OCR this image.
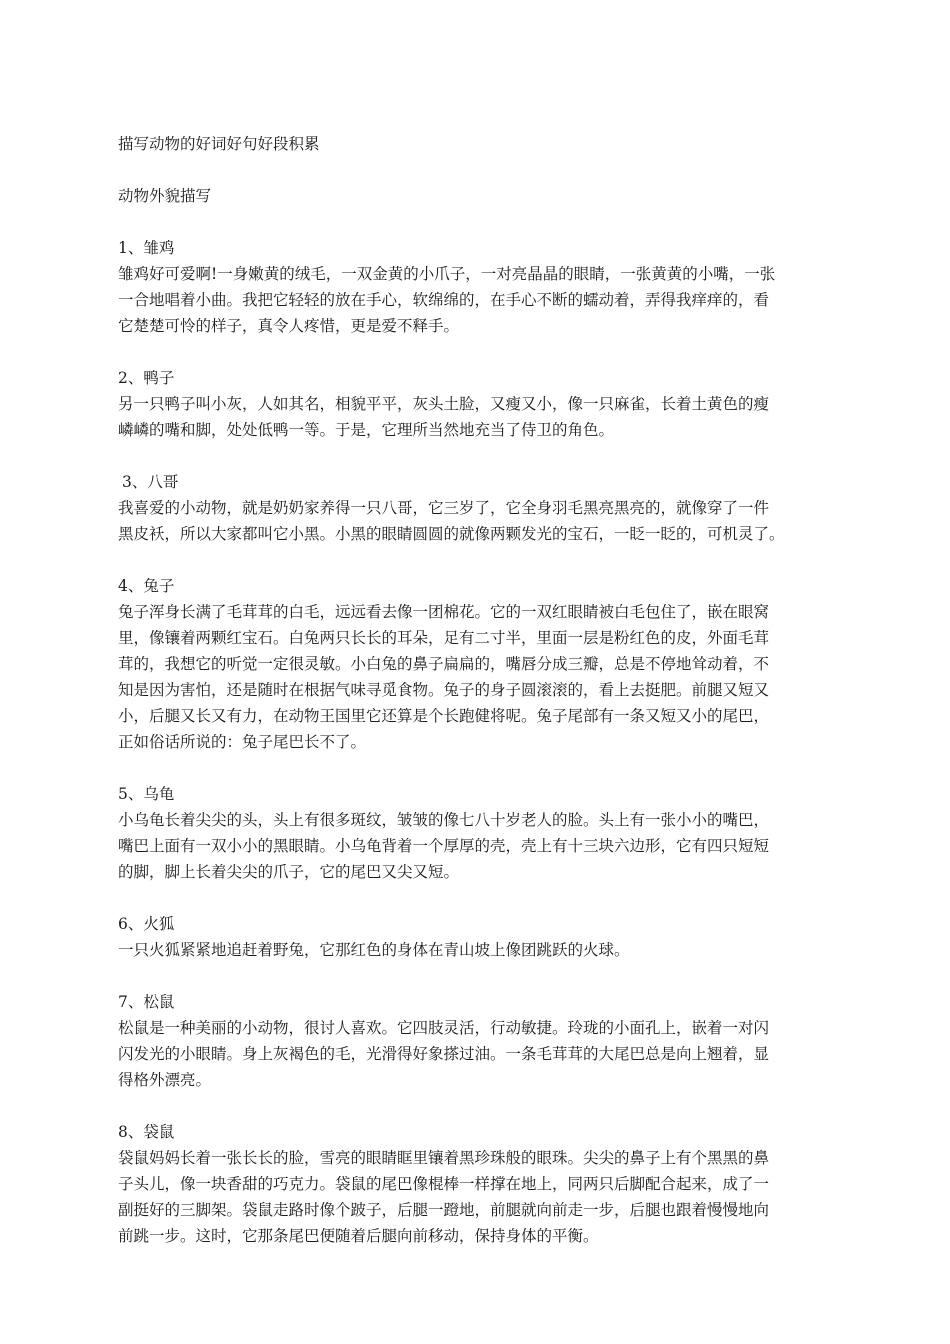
描写动物的好词好句好段积累

动物外貌描写

1、雏鸡

雏鸡好可爱啊!一身嫩黄的绒毛，一双金黄的小爪子，一对亮晶晶的眼睛，一张黄黄的小嘴，一张

一合地唱着小曲。我把它轻轻的放在手心，软绵绵的，在手心不断的蠕动着，弄得我痒痒的，看

它楚楚可怜的样子，真令人疼惜，更是爱不释手。

2、鸭子

另一只鸭子叫小灰，人如其名，相貌平平，灰头土脸，又瘦又小，像一只麻雀，长着土黄色的瘦

嶙嶙的嘴和脚，处处低鸭一等。于是，它理所当然地充当了侍卫的角色。

3、八哥

我喜爱的小动物，就是奶奶家养得一只八哥，它三岁了，它全身羽毛黑亮黑亮的，就像穿了一件

黑皮袄，所以大家都叫它小黑。小黑的眼睛圆圆的就像两颗发光的宝石，一眨一眨的，可机灵了。

4、兔子

兔子浑身长满了毛茸茸的白毛，远远看去像一团棉花。它的一双红眼睛被白毛包住了，嵌在眼窝

里，像镶着两颗红宝石。白兔两只长长的耳朵，足有二寸半，里面一层是粉红色的皮，外面毛茸

茸的，我想它的听觉一定很灵敏。小白兔的鼻子扁扁的，嘴唇分成三瓣，总是不停地耸动着，不

知是因为害怕，还是随时在根据气味寻觅食物。兔子的身子圆滚滚的，看上去挺肥。前腿又短又

小，后腿又长又有力，在动物王国里它还算是个长跑健将呢。兔子尾部有一条又短又小的尾巴，

正如俗话所说的：兔子尾巴长不了。

5、乌龟

小乌龟长着尖尖的头，头上有很多斑纹，皱皱的像七八十岁老人的脸。头上有一张小小的嘴巴，

嘴巴上面有一双小小的黑眼睛。小乌龟背着一个厚厚的壳，壳上有十三块六边形，它有四只短短

的脚，脚上长着尖尖的爪子，它的尾巴又尖又短。

6、火狐

一只火狐紧紧地追赶着野兔，它那红色的身体在青山坡上像团跳跃的火球。

7、松鼠

松鼠是一种美丽的小动物，很讨人喜欢。它四肢灵活，行动敏捷。玲珑的小面孔上，嵌着一对闪

闪发光的小眼睛。身上灰褐色的毛，光滑得好象搽过油。一条毛茸茸的大尾巴总是向上翘着，显

得格外漂亮。

8、袋鼠

袋鼠妈妈长着一张长长的脸，雪亮的眼睛眶里镶着黑珍珠般的眼珠。尖尖的鼻子上有个黑黑的鼻

子头儿，像一块香甜的巧克力。袋鼠的尾巴像棍棒一样撑在地上，同两只后脚配合起来，成了一

副挺好的三脚架。袋鼠走路时像个跛子，后腿一蹬地，前腿就向前走一步，后腿也跟着慢慢地向

前跳一步。这时，它那条尾巴便随着后腿向前移动，保持身体的平衡。
